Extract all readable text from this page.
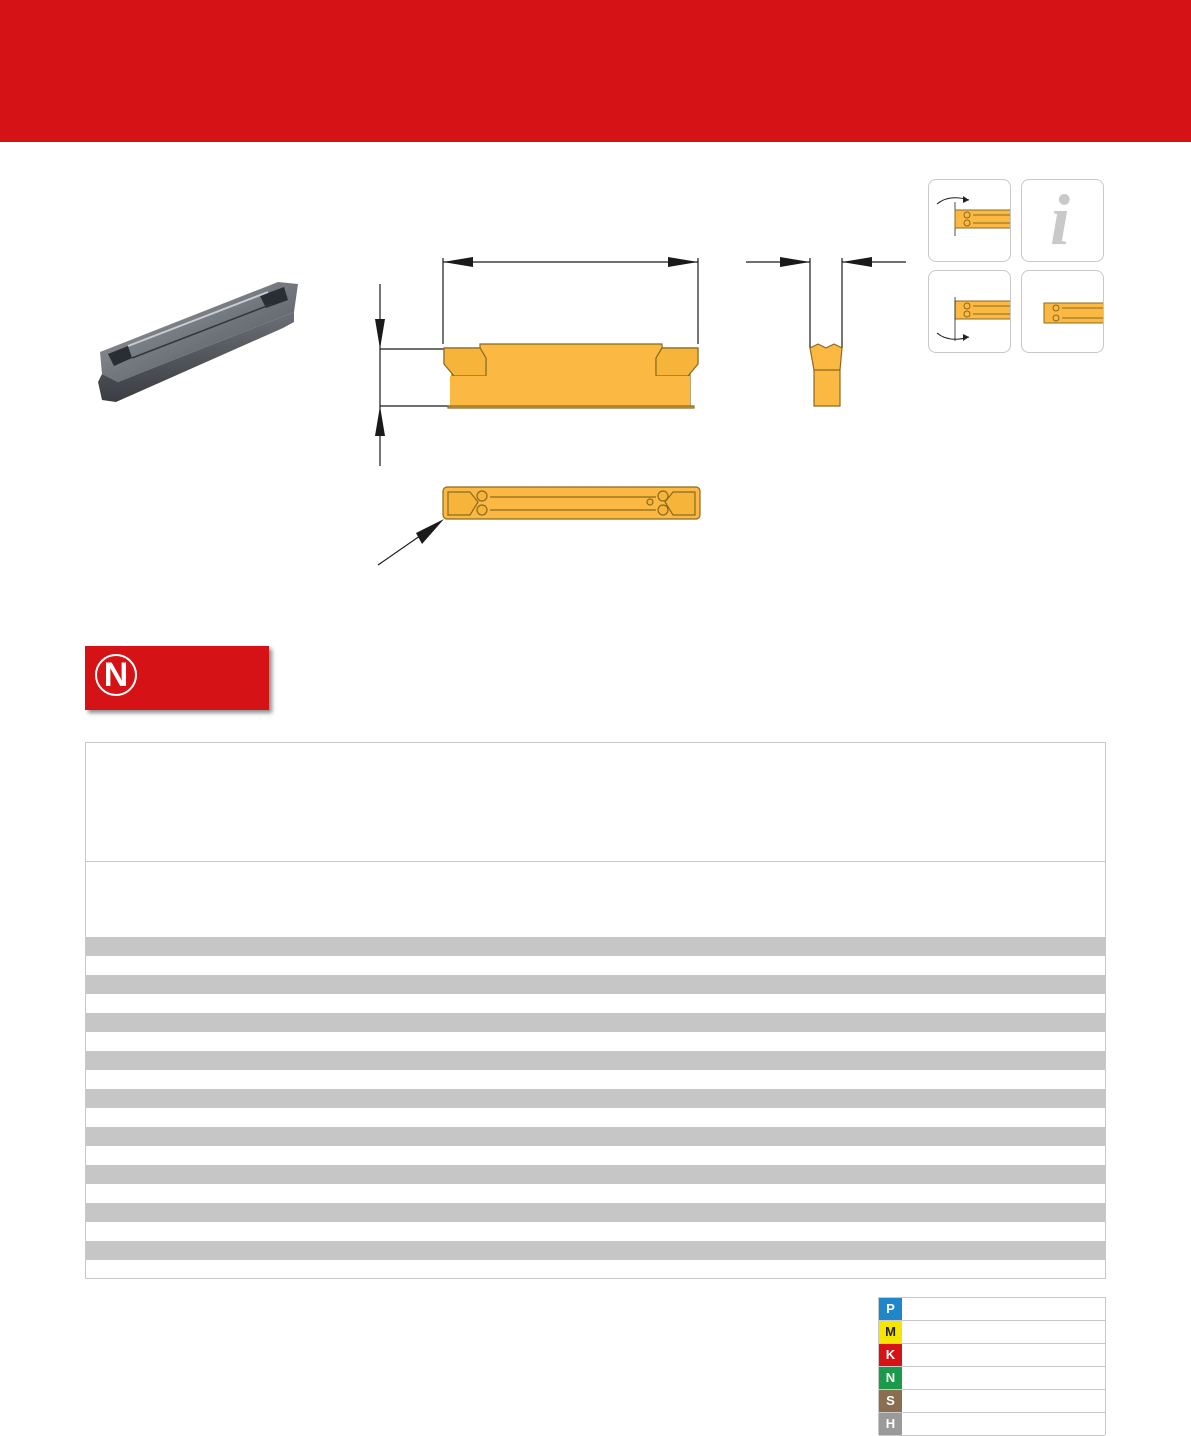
i
N
P
M
K
N
S
H
